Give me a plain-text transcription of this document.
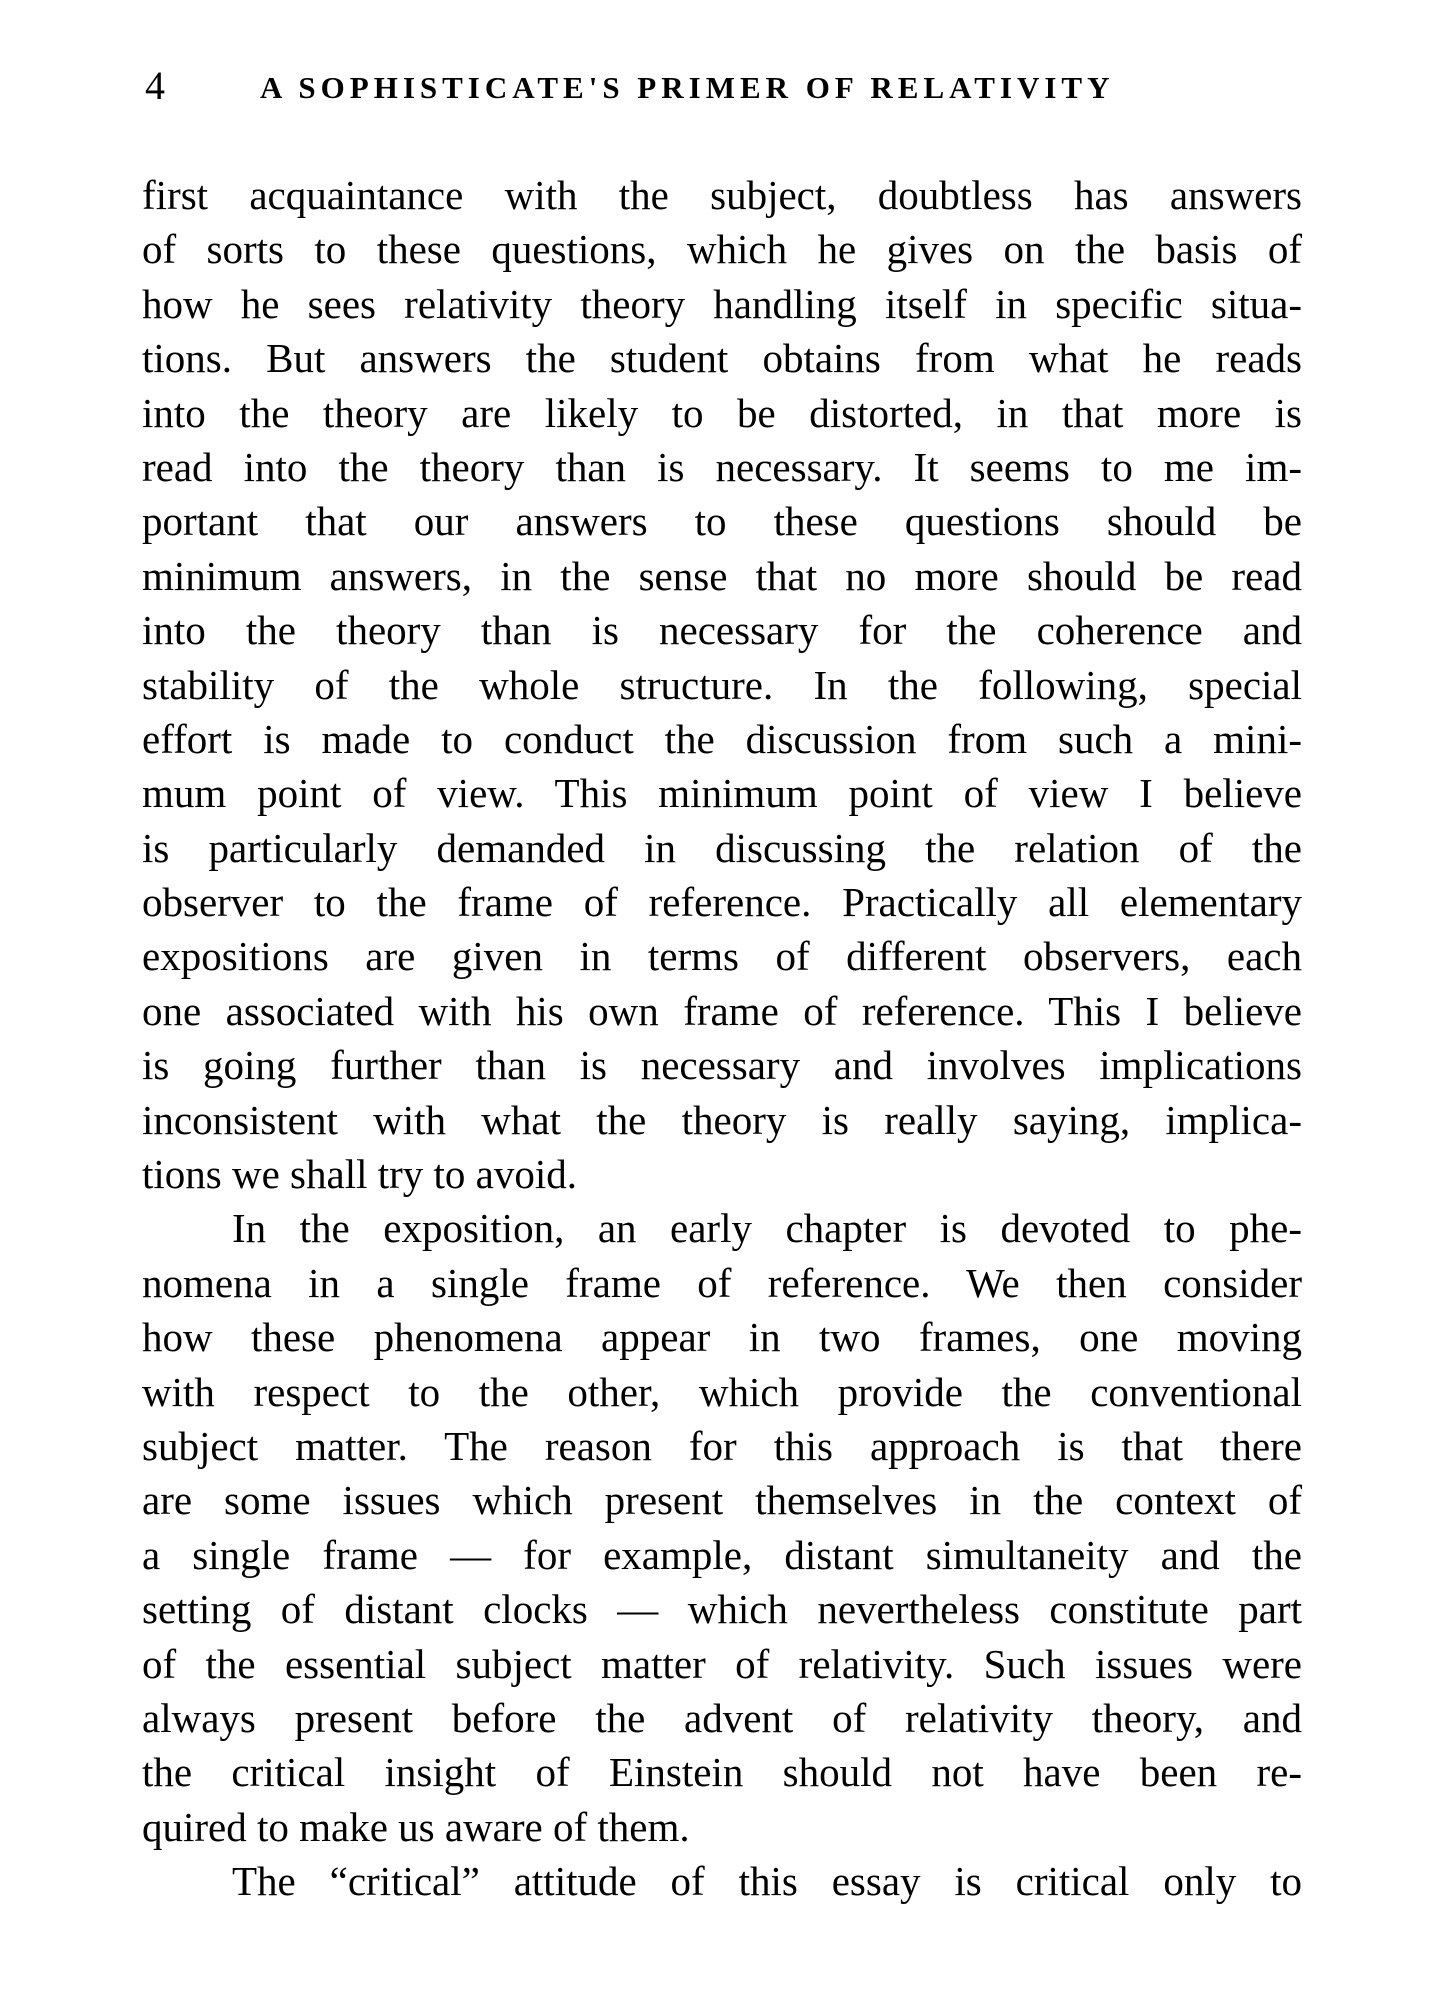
4	A SOPHISTICATE'S PRIMER OF RELATIVITY
first acquaintance with the subject, doubtless has answers
of sorts to these questions, which he gives on the basis of
how he sees relativity theory handling itself in specific situa-
tions. But answers the student obtains from what he reads
into the theory are likely to be distorted, in that more is
read into the theory than is necessary. It seems to me im-
portant that our answers to these questions should be
minimum answers, in the sense that no more should be read
into the theory than is necessary for the coherence and
stability of the whole structure. In the following, special
effort is made to conduct the discussion from such a mini-
mum point of view. This minimum point of view I believe
is particularly demanded in discussing the relation of the
observer to the frame of reference. Practically all elementary
expositions are given in terms of different observers, each
one associated with his own frame of reference. This I believe
is going further than is necessary and involves implications
inconsistent with what the theory is really saying, implica-
tions we shall try to avoid.
In the exposition, an early chapter is devoted to phe-
nomena in a single frame of reference. We then consider
how these phenomena appear in two frames, one moving
with respect to the other, which provide the conventional
subject matter. The reason for this approach is that there
are some issues which present themselves in the context of
a single frame — for example, distant simultaneity and the
setting of distant clocks — which nevertheless constitute part
of the essential subject matter of relativity. Such issues were
always present before the advent of relativity theory, and
the critical insight of Einstein should not have been re-
quired to make us aware of them.
The “critical” attitude of this essay is critical only to
